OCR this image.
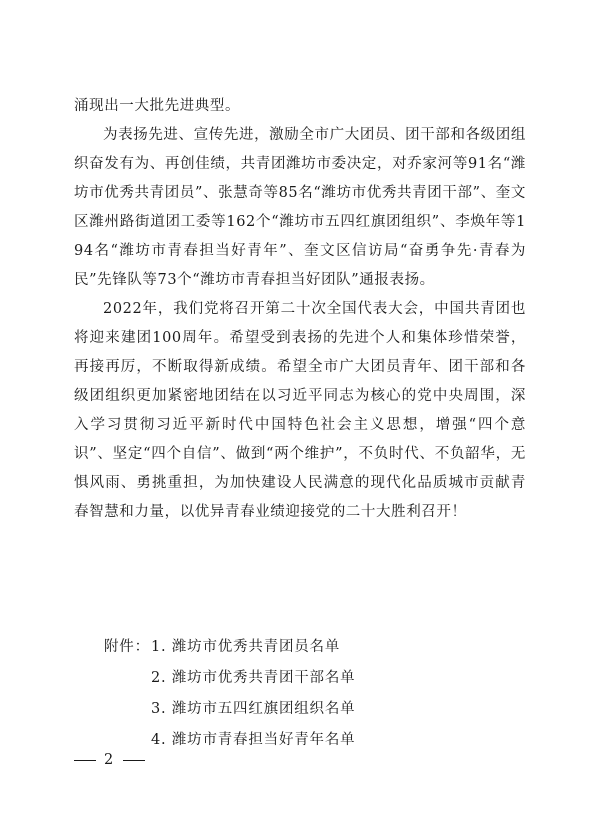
涌现出一大批先进典型。

为表扬先进、宣传先进，激励全市广大团员、团干部和各级团组织奋发有为、再创佳绩，共青团潍坊市委决定，对乔家河等91名“潍坊市优秀共青团员”、张慧奇等85名“潍坊市优秀共青团干部”、奎文区潍州路街道团工委等162个“潍坊市五四红旗团组织”、李焕年等194名“潍坊市青春担当好青年”、奎文区信访局“奋勇争先·青春为民”先锋队等73个“潍坊市青春担当好团队”通报表扬。

2022年，我们党将召开第二十次全国代表大会，中国共青团也将迎来建团100周年。希望受到表扬的先进个人和集体珍惜荣誉，再接再厉，不断取得新成绩。希望全市广大团员青年、团干部和各级团组织更加紧密地团结在以习近平同志为核心的党中央周围，深入学习贯彻习近平新时代中国特色社会主义思想，增强“四个意识”、坚定“四个自信”、做到“两个维护”，不负时代、不负韶华，无惧风雨、勇挑重担，为加快建设人民满意的现代化品质城市贡献青春智慧和力量，以优异青春业绩迎接党的二十大胜利召开！

附件：1. 潍坊市优秀共青团员名单
2. 潍坊市优秀共青团干部名单
3. 潍坊市五四红旗团组织名单
4. 潍坊市青春担当好青年名单
2
